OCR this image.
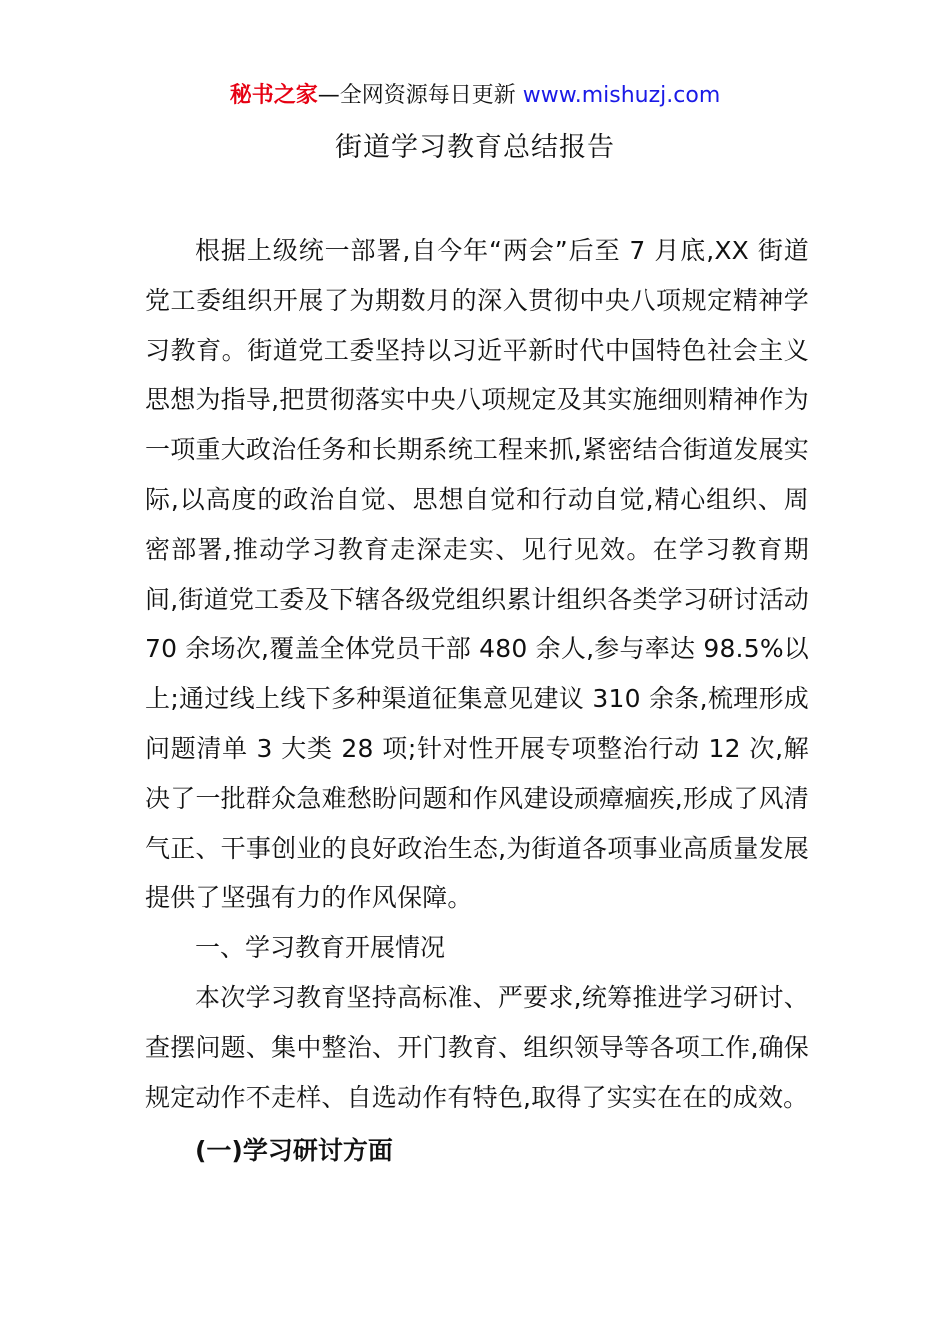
秘书之家—全网资源每日更新 www.mishuzj.com
街道学习教育总结报告

根据上级统一部署,自今年“两会”后至 7 月底,XX 街道党工委组织开展了为期数月的深入贯彻中央八项规定精神学习教育。街道党工委坚持以习近平新时代中国特色社会主义思想为指导,把贯彻落实中央八项规定及其实施细则精神作为一项重大政治任务和长期系统工程来抓,紧密结合街道发展实际,以高度的政治自觉、思想自觉和行动自觉,精心组织、周密部署,推动学习教育走深走实、见行见效。在学习教育期间,街道党工委及下辖各级党组织累计组织各类学习研讨活动 70 余场次,覆盖全体党员干部 480 余人,参与率达 98.5%以上;通过线上线下多种渠道征集意见建议 310 余条,梳理形成问题清单 3 大类 28 项;针对性开展专项整治行动 12 次,解决了一批群众急难愁盼问题和作风建设顽瘴痼疾,形成了风清气正、干事创业的良好政治生态,为街道各项事业高质量发展提供了坚强有力的作风保障。

一、学习教育开展情况

本次学习教育坚持高标准、严要求,统筹推进学习研讨、查摆问题、集中整治、开门教育、组织领导等各项工作,确保规定动作不走样、自选动作有特色,取得了实实在在的成效。

(一)学习研讨方面
